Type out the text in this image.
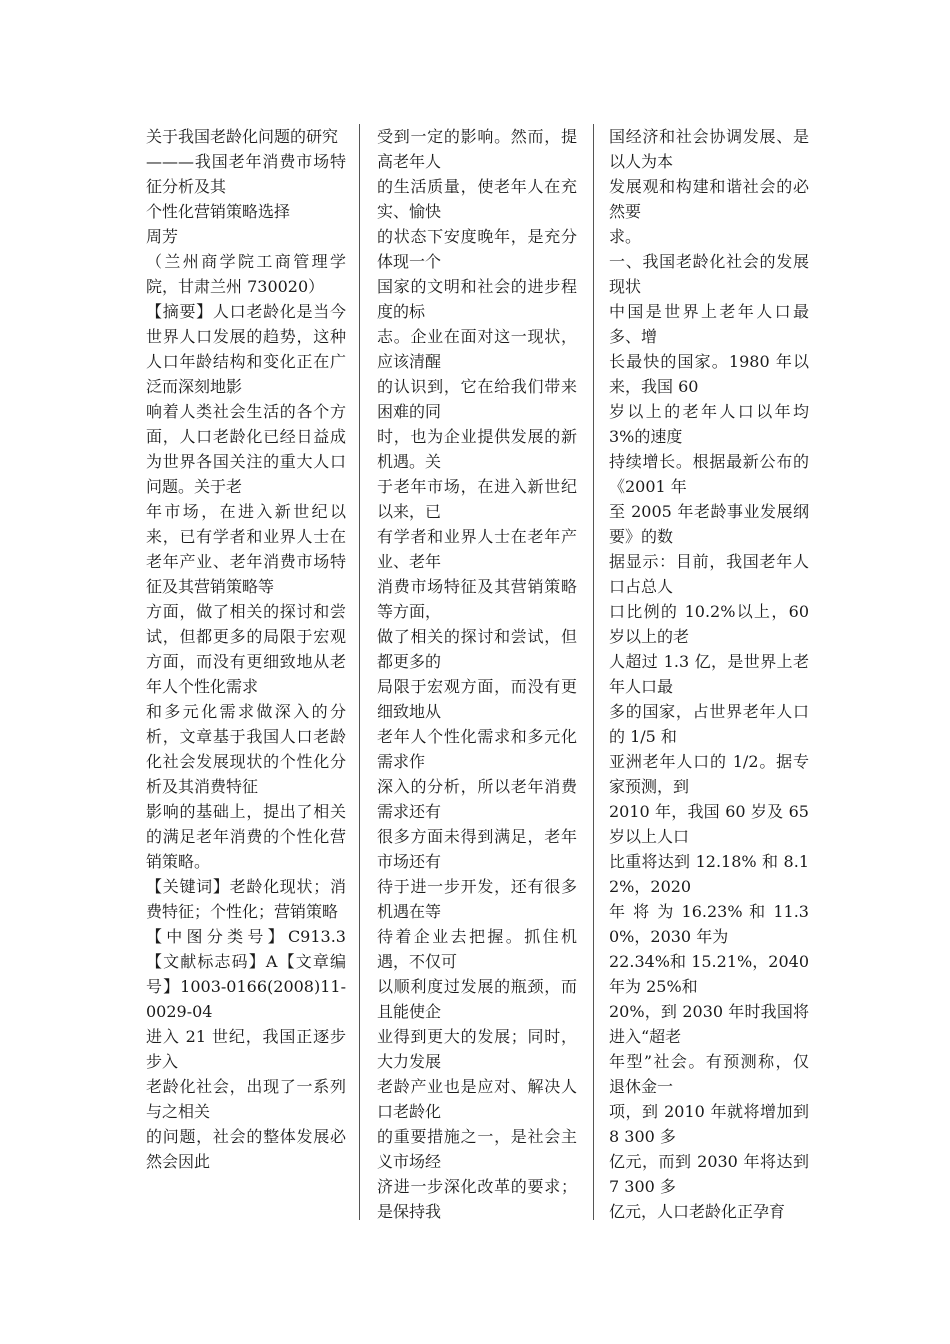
关于我国老龄化问题的研究
———我国老年消费市场特征分析及其
个性化营销策略选择
周芳
（兰州商学院工商管理学院，甘肃兰州 730020）
【摘要】人口老龄化是当今世界人口发展的趋势，这种人口年龄结构和变化正在广泛而深刻地影
响着人类社会生活的各个方面，人口老龄化已经日益成为世界各国关注的重大人口问题。关于老
年市场，在进入新世纪以来，已有学者和业界人士在老年产业、老年消费市场特征及其营销策略等
方面，做了相关的探讨和尝试，但都更多的局限于宏观方面，而没有更细致地从老年人个性化需求
和多元化需求做深入的分析，文章基于我国人口老龄化社会发展现状的个性化分析及其消费特征
影响的基础上，提出了相关的满足老年消费的个性化营销策略。
【关键词】老龄化现状；消费特征；个性化；营销策略
【中图分类号】C913.3【文献标志码】A【文章编号】1003-0166(2008)11-0029-04
进入 21 世纪，我国正逐步步入
老龄化社会，出现了一系列与之相关
的问题，社会的整体发展必然会因此
受到一定的影响。然而，提高老年人
的生活质量，使老年人在充实、愉快
的状态下安度晚年，是充分体现一个
国家的文明和社会的进步程度的标
志。企业在面对这一现状，应该清醒
的认识到，它在给我们带来困难的同
时，也为企业提供发展的新机遇。关
于老年市场，在进入新世纪以来，已
有学者和业界人士在老年产业、老年
消费市场特征及其营销策略等方面，
做了相关的探讨和尝试，但都更多的
局限于宏观方面，而没有更细致地从
老年人个性化需求和多元化需求作
深入的分析，所以老年消费需求还有
很多方面未得到满足，老年市场还有
待于进一步开发，还有很多机遇在等
待着企业去把握。抓住机遇，不仅可
以顺利度过发展的瓶颈，而且能使企
业得到更大的发展；同时，大力发展
老龄产业也是应对、解决人口老龄化
的重要措施之一，是社会主义市场经
济进一步深化改革的要求；是保持我
国经济和社会协调发展、是以人为本
发展观和构建和谐社会的必然要
求。
一、我国老龄化社会的发展现状
中国是世界上老年人口最多、增
长最快的国家。1980 年以来，我国 60
岁以上的老年人口以年均 3%的速度
持续增长。根据最新公布的《2001 年
至 2005 年老龄事业发展纲要》的数
据显示：目前，我国老年人口占总人
口比例的 10.2%以上，60 岁以上的老
人超过 1.3 亿，是世界上老年人口最
多的国家，占世界老年人口的 1/5 和
亚洲老年人口的 1/2。据专家预测，到
2010 年，我国 60 岁及 65 岁以上人口
比重将达到 12.18% 和 8.12%，2020
年 将 为 16.23% 和 11.30%，2030 年为
22.34%和 15.21%，2040 年为 25%和
20%，到 2030 年时我国将进入“超老
年型”社会。有预测称，仅退休金一
项，到 2010 年就将增加到 8 300 多
亿元，而到 2030 年将达到 7 300 多
亿元，人口老龄化正孕育
